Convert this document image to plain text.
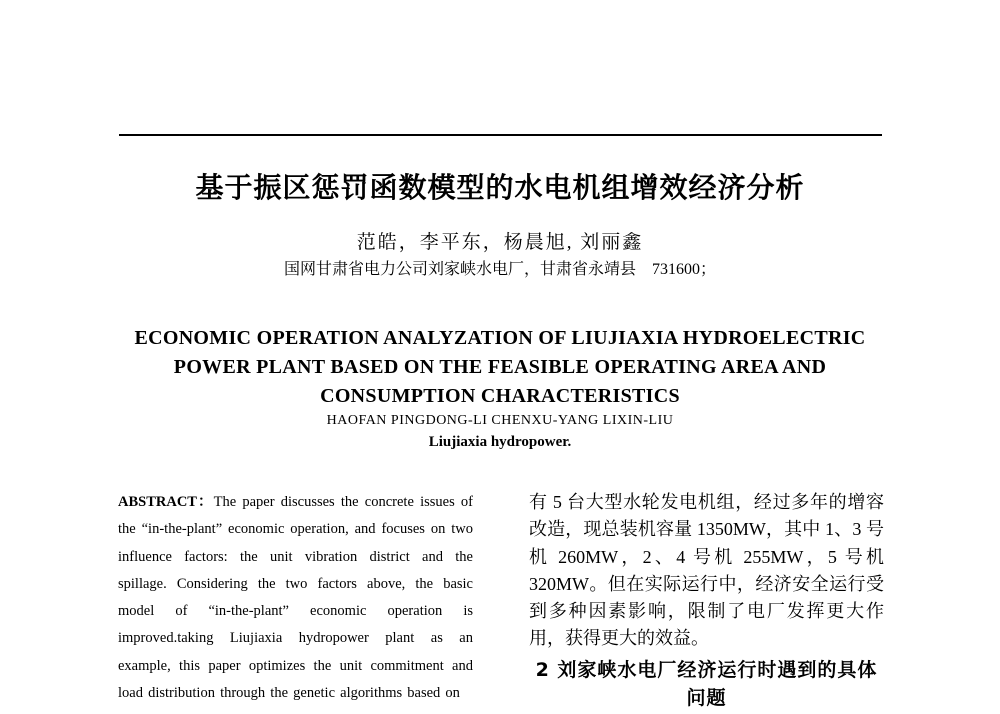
基于振区惩罚函数模型的水电机组增效经济分析
范皓，李平东，杨晨旭, 刘丽鑫
国网甘肃省电力公司刘家峡水电厂，甘肃省永靖县　731600；
ECONOMIC OPERATION ANALYZATION OF LIUJIAXIA HYDROELECTRIC
POWER PLANT BASED ON THE FEASIBLE OPERATING AREA AND
CONSUMPTION CHARACTERISTICS
HAOFAN PINGDONG-LI CHENXU-YANG LIXIN-LIU
Liujiaxia hydropower.

ABSTRACT：The paper discusses the concrete issues of the “in-the-plant” economic operation, and focuses on two influence factors: the unit vibration district and the spillage. Considering the two factors above, the basic model of “in-the-plant” economic operation is improved.taking Liujiaxia hydropower plant as an example, this paper optimizes the unit commitment and load distribution through the genetic algorithms based on

有 5 台大型水轮发电机组，经过多年的增容改造，现总装机容量 1350MW，其中 1、3 号机 260MW，2、4 号机 255MW，5 号机 320MW。但在实际运行中，经济安全运行受到多种因素影响，限制了电厂发挥更大作用，获得更大的效益。

2 刘家峡水电厂经济运行时遇到的具体问题
